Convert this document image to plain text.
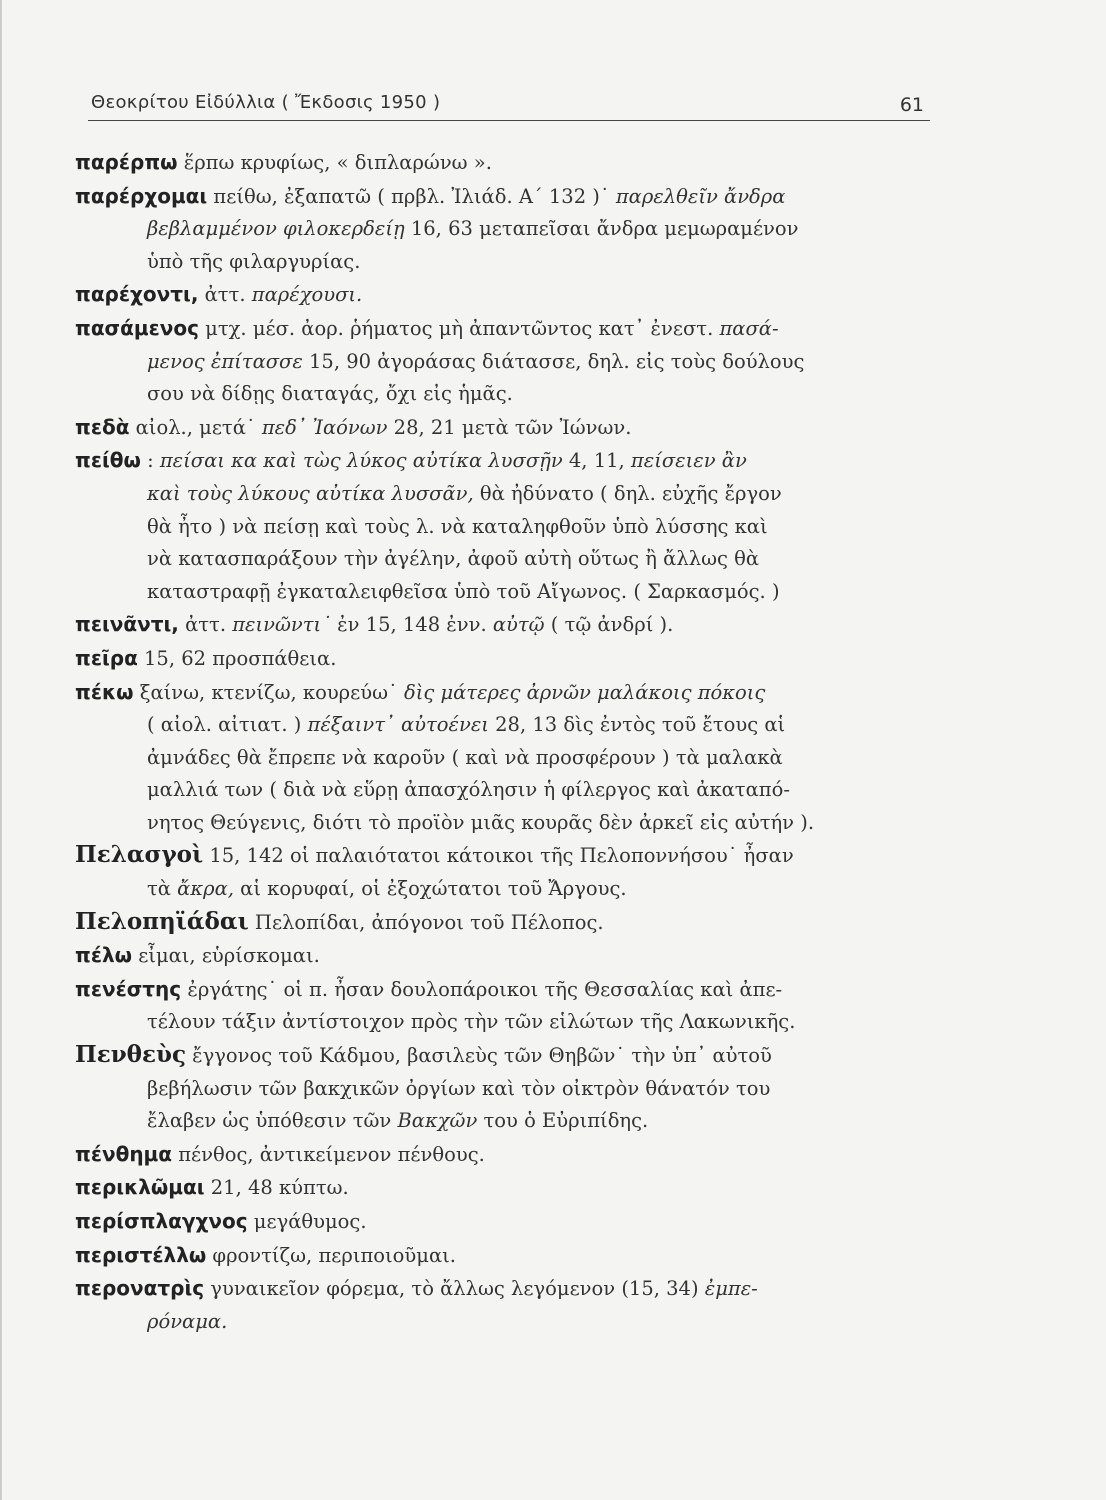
Θεοκρίτου Εἰδύλλια ( Ἔκδοσις 1950 )	61
παρέρπω ἕρπω κρυφίως, « διπλαρώνω ».
παρέρχομαι πείθω, ἐξαπατῶ ( πρβλ. Ἰλιάδ. Α΄ 132 )˙ παρελθεῖν ἄνδρα
βεβλαμμένον φιλοκερδείῃ 16, 63 μεταπεῖσαι ἄνδρα μεμωραμένον
ὑπὸ τῆς φιλαργυρίας.
παρέχοντι, ἀττ. παρέχουσι.
πασάμενος μτχ. μέσ. ἀορ. ῥήματος μὴ ἀπαντῶντος κατ᾽ ἐνεστ. πασά-
μενος ἐπίτασσε 15, 90 ἀγοράσας διάτασσε, δηλ. εἰς τοὺς δούλους
σου νὰ δίδῃς διαταγάς, ὄχι εἰς ἡμᾶς.
πεδὰ αἰολ., μετά˙ πεδ᾽ Ἰαόνων 28, 21 μετὰ τῶν Ἰώνων.
πείθω : πείσαι κα καὶ τὼς λύκος αὐτίκα λυσσῇν 4, 11, πείσειεν ἂν
καὶ τοὺς λύκους αὐτίκα λυσσᾶν, θὰ ἠδύνατο ( δηλ. εὐχῆς ἔργον
θὰ ἦτο ) νὰ πείσῃ καὶ τοὺς λ. νὰ καταληφθοῦν ὑπὸ λύσσης καὶ
νὰ κατασπαράξουν τὴν ἀγέλην, ἀφοῦ αὐτὴ οὕτως ἢ ἄλλως θὰ
καταστραφῇ ἐγκαταλειφθεῖσα ὑπὸ τοῦ Αἴγωνος. ( Σαρκασμός. )
πεινᾶντι, ἀττ. πεινῶντι˙ ἐν 15, 148 ἐνν. αὐτῷ ( τῷ ἀνδρί ).
πεῖρα 15, 62 προσπάθεια.
πέκω ξαίνω, κτενίζω, κουρεύω˙ δὶς μάτερες ἀρνῶν μαλάκοις πόκοις
( αἰολ. αἰτιατ. ) πέξαιντ᾽ αὐτοένει 28, 13 δὶς ἐντὸς τοῦ ἔτους αἱ
ἀμνάδες θὰ ἔπρεπε νὰ καροῦν ( καὶ νὰ προσφέρουν ) τὰ μαλακὰ
μαλλιά των ( διὰ νὰ εὕρῃ ἀπασχόλησιν ἡ φίλεργος καὶ ἀκαταπό-
νητος Θεύγενις, διότι τὸ προϊὸν μιᾶς κουρᾶς δὲν ἀρκεῖ εἰς αὐτήν ).
Πελασγοὶ 15, 142 οἱ παλαιότατοι κάτοικοι τῆς Πελοποννήσου˙ ἦσαν
τὰ ἄκρα, αἱ κορυφαί, οἱ ἐξοχώτατοι τοῦ Ἄργους.
Πελοπηϊάδαι Πελοπίδαι, ἀπόγονοι τοῦ Πέλοπος.
πέλω εἶμαι, εὑρίσκομαι.
πενέστης ἐργάτης˙ οἱ π. ἦσαν δουλοπάροικοι τῆς Θεσσαλίας καὶ ἀπε-
τέλουν τάξιν ἀντίστοιχον πρὸς τὴν τῶν εἱλώτων τῆς Λακωνικῆς.
Πενθεὺς ἔγγονος τοῦ Κάδμου, βασιλεὺς τῶν Θηβῶν˙ τὴν ὑπ᾽ αὐτοῦ
βεβήλωσιν τῶν βακχικῶν ὀργίων καὶ τὸν οἰκτρὸν θάνατόν του
ἔλαβεν ὡς ὑπόθεσιν τῶν Βακχῶν του ὁ Εὐριπίδης.
πένθημα πένθος, ἀντικείμενον πένθους.
περικλῶμαι 21, 48 κύπτω.
περίσπλαγχνος μεγάθυμος.
περιστέλλω φροντίζω, περιποιοῦμαι.
περονατρὶς γυναικεῖον φόρεμα, τὸ ἄλλως λεγόμενον (15, 34) ἐμπε-
ρόναμα.
